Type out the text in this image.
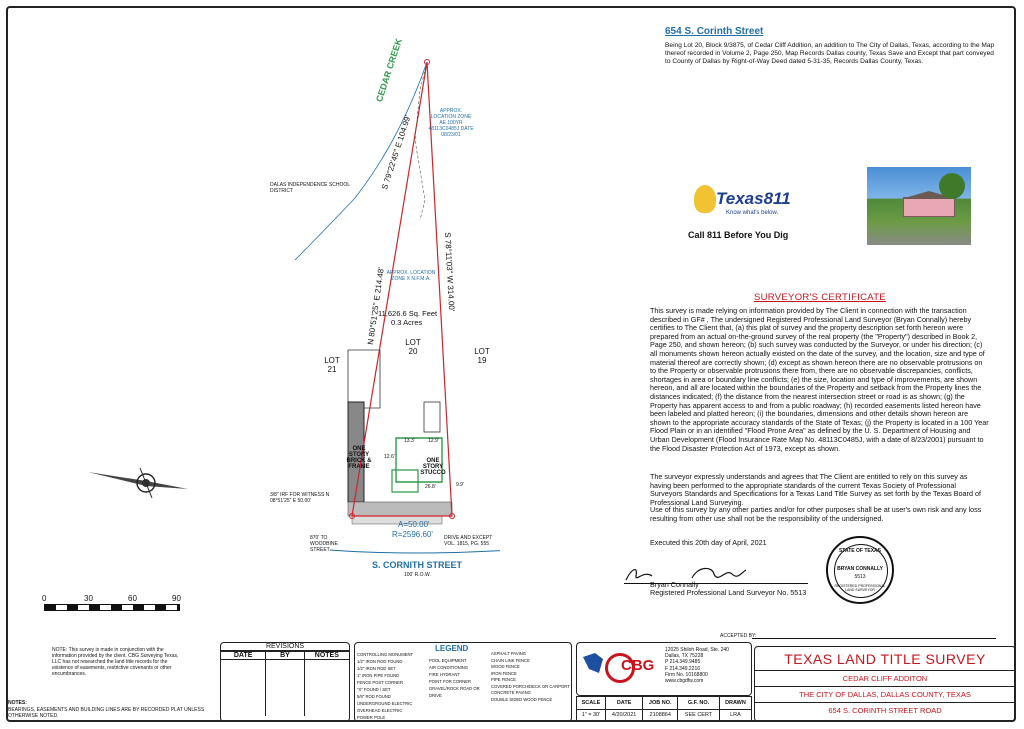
654 S. Corinth Street
Being Lot 20, Block 9/3875, of Cedar Cliff Addition, an addition to The City of Dallas, Texas, according to the Map thereof recorded in Volume 2, Page 250, Map Records Dallas county, Texas Save and Except that part conveyed to County of Dallas by Right-of-Way Deed dated 5-31-35, Records Dallas County, Texas.
Texas811
Know what's below.
Call 811 Before You Dig
CEDAR CREEK
S 79°22'45" E 104.99'
N 80°51'25" E 214.48'	S 78°11'03" W 314.00'
DALAS INDEPENDENCE SCHOOL DISTRICT
APPROX. LOCATION ZONE AE 100YR 48113C0485J DATE 08/23/01
APPROX. LOCATION ZONE X N.F.M.A.
11,626.6 Sq. Feet
0.3 Acres
LOT 20
LOT 21
LOT 19
ONE STORY BRICK & FRAME
ONE STORY STUCCO
13.3'	12.9'
12.6'
26.8'	9.9'
3/8" IRF FOR WITNESS N 08°51'25" E 50.00'
870' TO WOODBINE STREET
DRIVE AND EXCEPT VOL. 1815, PG. 555
A=50.00'
R=2596.60'
S. CORNITH STREET
100' R.O.W.
0	30	60	90
SURVEYOR'S CERTIFICATE
This survey is made relying on information provided by The Client in connection with the transaction described in GF# , The undersigned Registered Professional Land Surveyor (Bryan Connally) hereby certifies to The Client that, (a) this plat of survey and the property description set forth hereon were prepared from an actual on-the-ground survey of the real property (the "Property") described in Book 2, Page 250, and shown hereon; (b) such survey was conducted by the Surveyor, or under his direction; (c) all monuments shown hereon actually existed on the date of the survey, and the location, size and type of material thereof are correctly shown; (d) except as shown hereon there are no observable protrusions on to the Property or observable protrusions there from, there are no observable discrepancies, conflicts, shortages in area or boundary line conflicts; (e) the size, location and type of improvements, are shown hereon, and all are located within the boundaries of the Property and setback from the Property lines the distances indicated; (f) the distance from the nearest intersection street or road is as shown; (g) the Property has apparent access to and from a public roadway; (h) recorded easements listed hereon have been labeled and platted hereon; (i) the boundaries, dimensions and other details shown hereon are shown to the appropriate accuracy standards of the State of Texas; (j) the Property is located in a 100 Year Flood Plain or in an identified "Flood Prone Area" as defined by the U. S. Department of Housing and Urban Development (Flood Insurance Rate Map No. 48113C0485J, with a date of 8/23/2001) pursuant to the Flood Disaster Protection Act of 1973, except as shown.
The surveyor expressly understands and agrees that The Client are entitled to rely on this survey as having been performed to the appropriate standards of the current Texas Society of Professional Surveyors Standards and Specifications for a Texas Land Title Survey as set forth by the Texas Board of Professional Land Surveying.
Use of this survey by any other parties and/or for other purposes shall be at user's own risk and any loss resulting from other use shall not be the responsibility of the undersigned.
Executed this 20th day of April, 2021
Bryan Connally
Registered Professional Land Surveyor No. 5513
STATE OF TEXAS
BRYAN CONNALLY
5513
REGISTERED PROFESSIONAL LAND SURVEYOR
ACCEPTED BY:
NOTE: This survey is made in conjunction with the information provided by the client. CBG Surveying Texas, LLC has not researched the land title records for the existence of easements, restrictive covenants or other encumbrances.
NOTES:
BEARINGS, EASEMENTS AND BUILDING LINES ARE BY RECORDED PLAT UNLESS OTHERWISE NOTED.
REVISIONS
DATE	BY	NOTES

LEGEND
CONTROLLING MONUMENT
1/2" IRON ROD FOUND
1/2" IRON ROD SET
1" IRON PIPE FOUND
FENCE POST CORNER
"X" FOUND / SET
5/8" ROD FOUND
UNDERGROUND ELECTRIC
OVERHEAD ELECTRIC
POWER POLE
POOL EQUIPMENT
AIR CONDITIONING
FIRE HYDRANT
POINT FOR CORNER
GRAVEL/ROCK ROAD OR DRIVE
ASPHALT PAVING
CHAIN LINK FENCE
WOOD FENCE
IRON FENCE
PIPE FENCE
COVERED PORCH/DECK OR CARPORT
CONCRETE PAVING
DOUBLE SIDED WOOD FENCE
CBG
12025 Shiloh Road, Ste. 240
Dallas, TX 75228
P 214.349.9485
F 214.349.2216
Firm No. 10168800
www.cbgdfw.com
SCALE	DATE	JOB NO.	G.F. NO.	DRAWN
1" = 30'	4/20/2021	2108864	SEE CERT	LRA
TEXAS LAND TITLE SURVEY
CEDAR CLIFF ADDITON
THE CITY OF DALLAS, DALLAS COUNTY, TEXAS
654 S. CORINTH STREET ROAD
